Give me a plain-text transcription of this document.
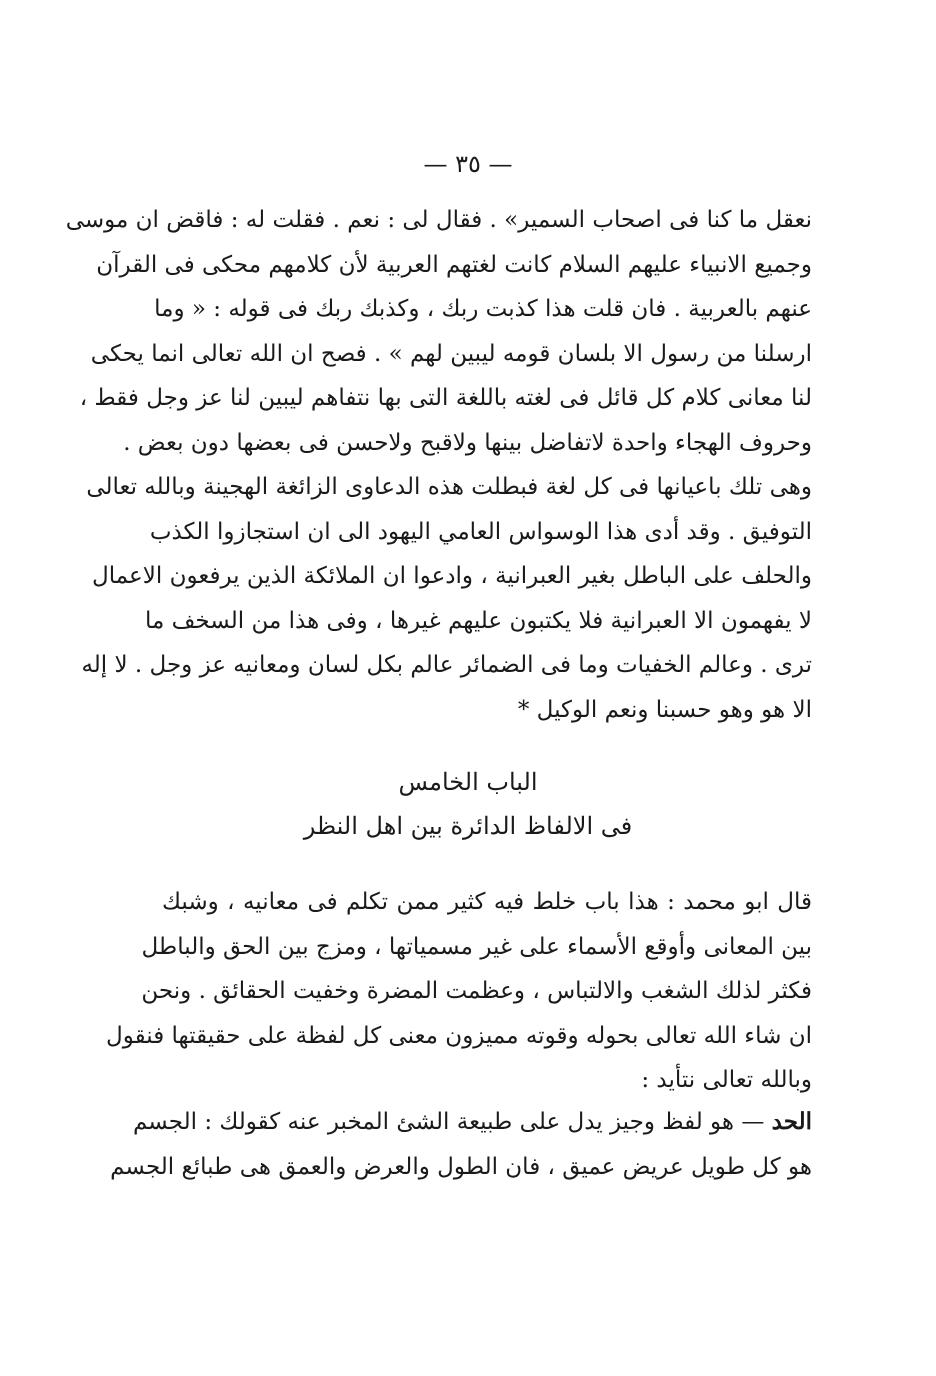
— ٣٥ —
نعقل ما كنا فى اصحاب السمير» . فقال لى : نعم . فقلت له : فاقض ان موسى
وجميع الانبياء عليهم السلام كانت لغتهم العربية لأن كلامهم محكى فى القرآن
عنهم بالعربية . فان قلت هذا كذبت ربك ، وكذبك ربك فى قوله : « وما
ارسلنا من رسول الا بلسان قومه ليبين لهم » . فصح ان الله تعالى انما يحكى
لنا معانى كلام كل قائل فى لغته باللغة التى بها نتفاهم ليبين لنا عز وجل فقط ،
وحروف الهجاء واحدة لاتفاضل بينها ولاقبح ولاحسن فى بعضها دون بعض .
وهى تلك باعيانها فى كل لغة فبطلت هذه الدعاوى الزائغة الهجينة وبالله تعالى
التوفيق . وقد أدى هذا الوسواس العامي اليهود الى ان استجازوا الكذب
والحلف على الباطل بغير العبرانية ، وادعوا ان الملائكة الذين يرفعون الاعمال
لا يفهمون الا العبرانية فلا يكتبون عليهم غيرها ، وفى هذا من السخف ما
ترى . وعالم الخفيات وما فى الضمائر عالم بكل لسان ومعانيه عز وجل . لا إله
الا هو وهو حسبنا ونعم الوكيل *
الباب الخامس
فى الالفاظ الدائرة بين اهل النظر
قال ابو محمد : هذا باب خلط فيه كثير ممن تكلم فى معانيه ، وشبك
بين المعانى وأوقع الأسماء على غير مسمياتها ، ومزج بين الحق والباطل
فكثر لذلك الشغب والالتباس ، وعظمت المضرة وخفيت الحقائق . ونحن
ان شاء الله تعالى بحوله وقوته مميزون معنى كل لفظة على حقيقتها فنقول
وبالله تعالى نتأيد :
الحد — هو لفظ وجيز يدل على طبيعة الشئ المخبر عنه كقولك : الجسم
هو كل طويل عريض عميق ، فان الطول والعرض والعمق هى طبائع الجسم
